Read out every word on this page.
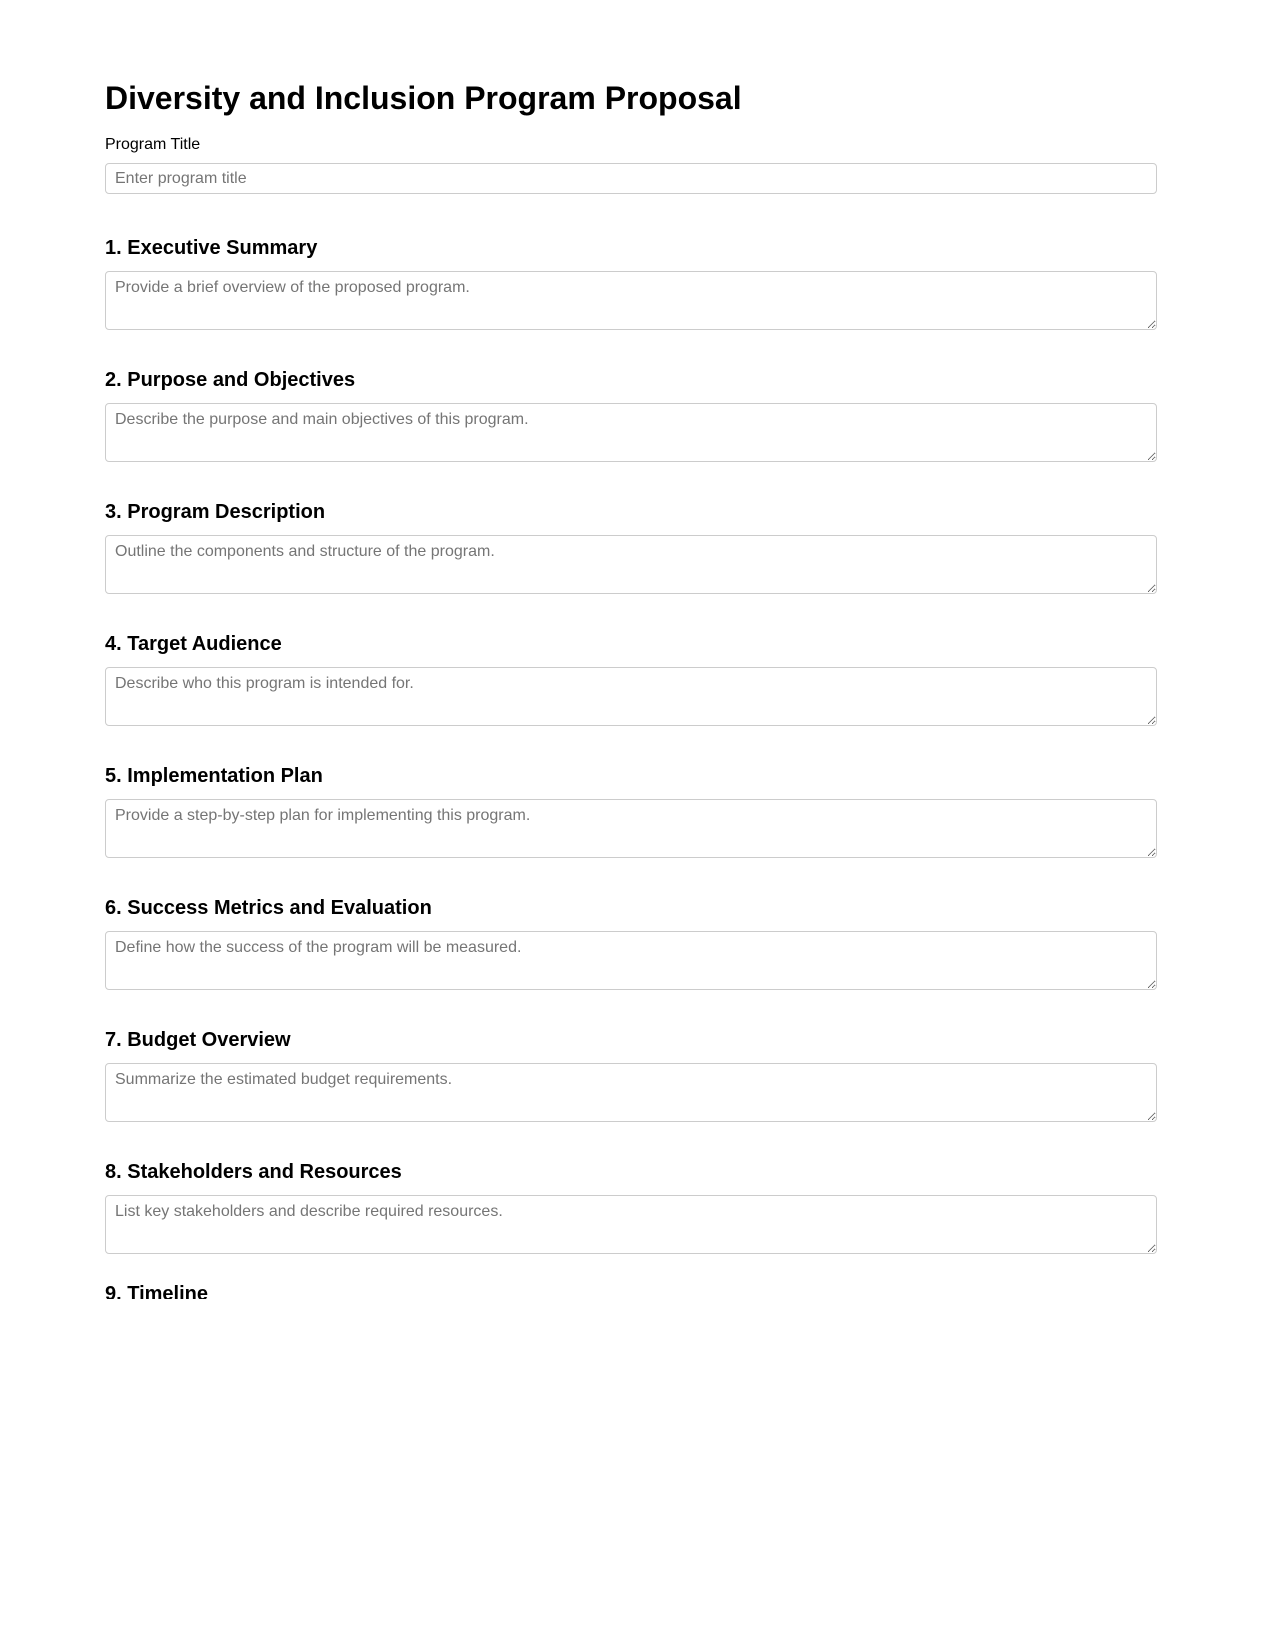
Diversity and Inclusion Program Proposal
Program Title
Enter program title
1. Executive Summary
Provide a brief overview of the proposed program.
2. Purpose and Objectives
Describe the purpose and main objectives of this program.
3. Program Description
Outline the components and structure of the program.
4. Target Audience
Describe who this program is intended for.
5. Implementation Plan
Provide a step-by-step plan for implementing this program.
6. Success Metrics and Evaluation
Define how the success of the program will be measured.
7. Budget Overview
Summarize the estimated budget requirements.
8. Stakeholders and Resources
List key stakeholders and describe required resources.
9. Timeline
